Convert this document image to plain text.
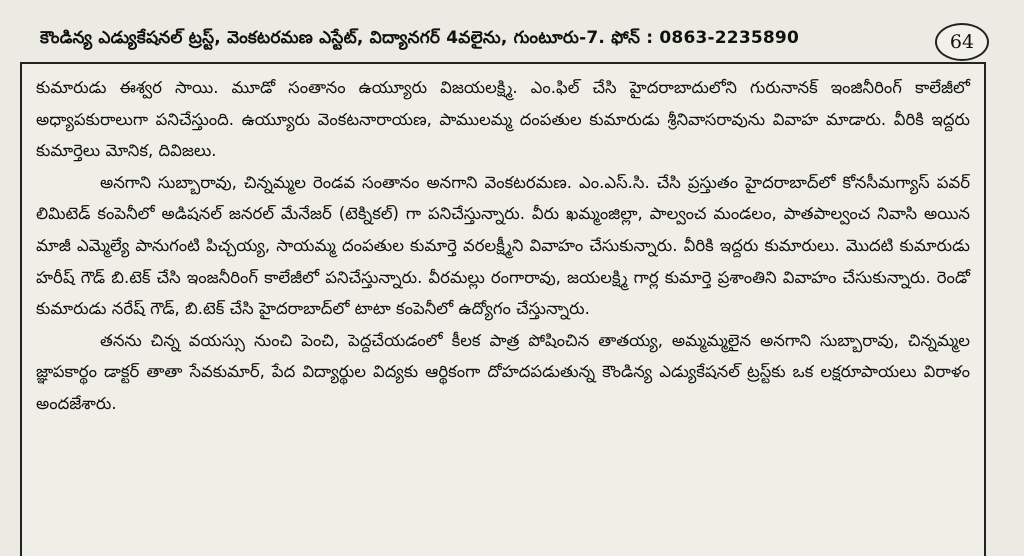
కౌండిన్య ఎడ్యుకేషనల్ ట్రస్ట్, వెంకటరమణ ఎస్టేట్, విద్యానగర్ 4వలైను, గుంటూరు-7. ఫోన్ : 0863-2235890	64

కుమారుడు ఈశ్వర సాయి. మూడో సంతానం ఉయ్యూరు విజయలక్ష్మి. ఎం.ఫిల్ చేసి హైదరాబాదులోని గురునానక్ ఇంజినీరింగ్ కాలేజీలో అధ్యాపకురాలుగా పనిచేస్తుంది. ఉయ్యూరు వెంకటనారాయణ, పాములమ్మ దంపతుల కుమారుడు శ్రీనివాసరావును వివాహ మాడారు. వీరికి ఇద్దరు కుమార్తెలు మోనిక, దివిజలు.

అనగాని సుబ్బారావు, చిన్నమ్మల రెండవ సంతానం అనగాని వెంకటరమణ. ఎం.ఎస్.సి. చేసి ప్రస్తుతం హైదరాబాద్‌లో కోనసీమగ్యాస్ పవర్ లిమిటెడ్ కంపెనీలో అడిషనల్ జనరల్ మేనేజర్ (టెక్నికల్) గా పనిచేస్తున్నారు. వీరు ఖమ్మంజిల్లా, పాల్వంచ మండలం, పాతపాల్వంచ నివాసి అయిన మాజీ ఎమ్మెల్యే పానుగంటి పిచ్చయ్య, సాయమ్మ దంపతుల కుమార్తె వరలక్ష్మీని వివాహం చేసుకున్నారు. వీరికి ఇద్దరు కుమారులు. మొదటి కుమారుడు హరీష్ గౌడ్ బి.టెక్ చేసి ఇంజనీరింగ్ కాలేజీలో పనిచేస్తున్నారు. వీరమల్లు రంగారావు, జయలక్ష్మి గార్ల కుమార్తె ప్రశాంతిని వివాహం చేసుకున్నారు. రెండో కుమారుడు నరేష్ గౌడ్, బి.టెక్ చేసి హైదరాబాద్‌లో టాటా కంపెనీలో ఉద్యోగం చేస్తున్నారు.

తనను చిన్న వయస్సు నుంచి పెంచి, పెద్దచేయడంలో కీలక పాత్ర పోషించిన తాతయ్య, అమ్మమ్మలైన అనగాని సుబ్బారావు, చిన్నమ్మల జ్ఞాపకార్థం డాక్టర్ తాతా సేవకుమార్, పేద విద్యార్థుల విద్యకు ఆర్థికంగా దోహదపడుతున్న కౌండిన్య ఎడ్యుకేషనల్ ట్రస్ట్‌కు ఒక లక్షరూపాయలు విరాళం అందజేశారు.
